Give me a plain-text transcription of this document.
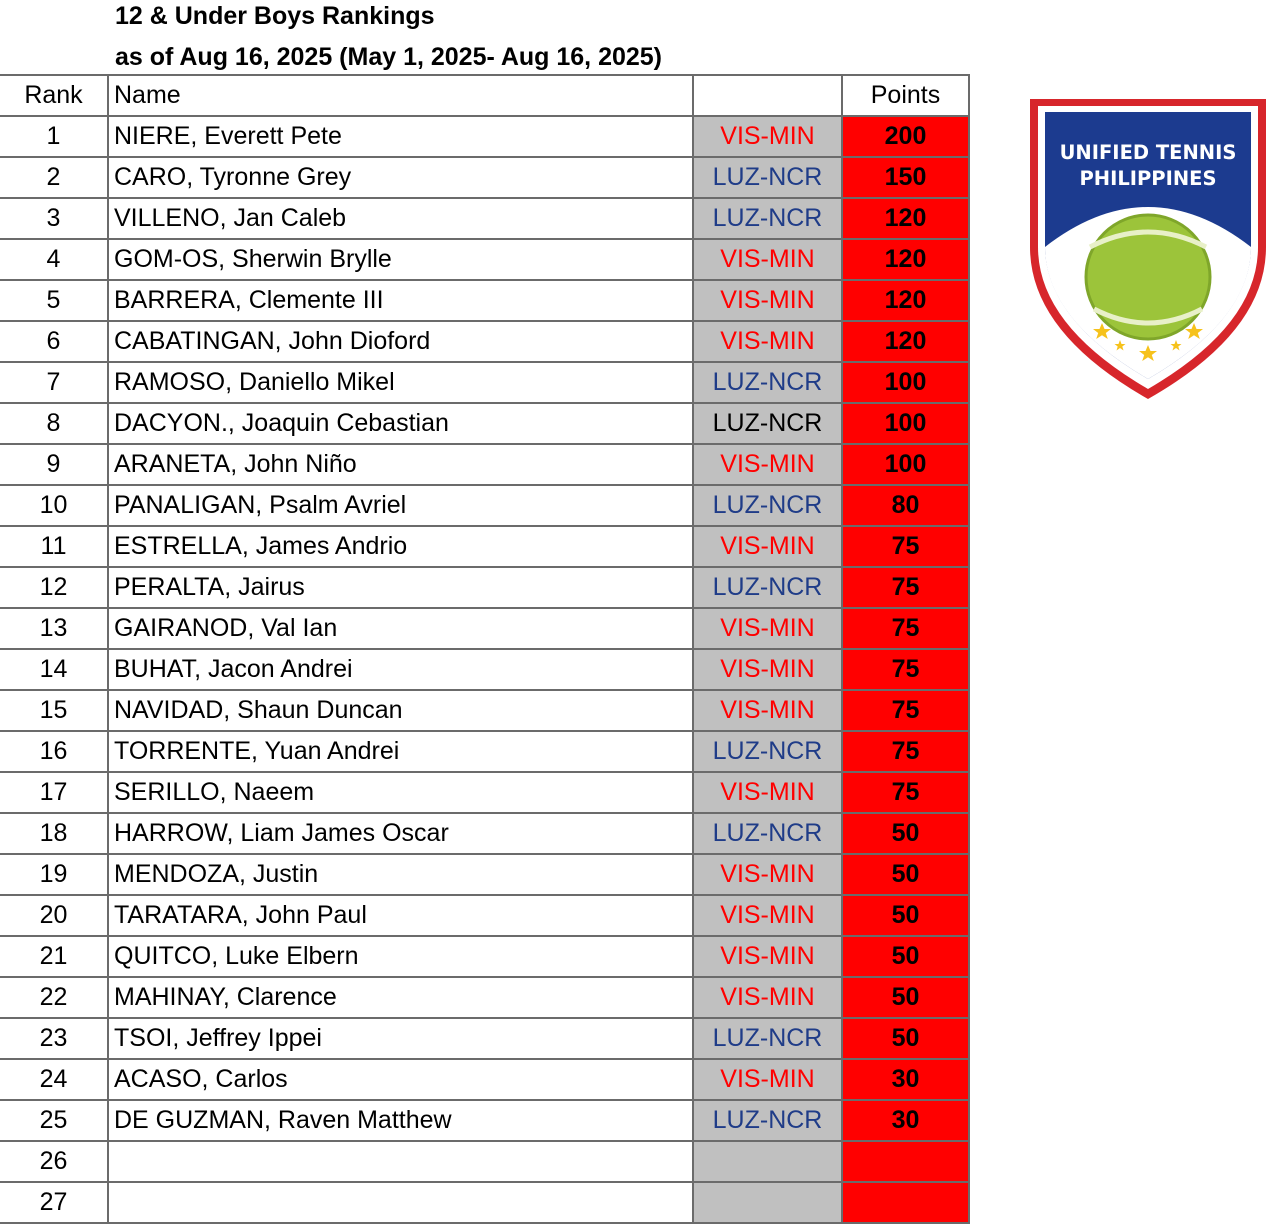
12 & Under Boys Rankings
as of Aug 16, 2025 (May 1, 2025- Aug 16, 2025)
Rank	Name		Points
1	NIERE, Everett Pete	VIS-MIN	200
2	CARO, Tyronne Grey	LUZ-NCR	150
3	VILLENO, Jan Caleb	LUZ-NCR	120
4	GOM-OS, Sherwin Brylle	VIS-MIN	120
5	BARRERA, Clemente III	VIS-MIN	120
6	CABATINGAN, John Dioford	VIS-MIN	120
7	RAMOSO, Daniello Mikel	LUZ-NCR	100
8	DACYON., Joaquin Cebastian	LUZ-NCR	100
9	ARANETA, John Niño	VIS-MIN	100
10	PANALIGAN, Psalm Avriel	LUZ-NCR	80
11	ESTRELLA, James Andrio	VIS-MIN	75
12	PERALTA, Jairus	LUZ-NCR	75
13	GAIRANOD, Val Ian	VIS-MIN	75
14	BUHAT, Jacon Andrei	VIS-MIN	75
15	NAVIDAD, Shaun Duncan	VIS-MIN	75
16	TORRENTE, Yuan Andrei	LUZ-NCR	75
17	SERILLO, Naeem	VIS-MIN	75
18	HARROW, Liam James Oscar	LUZ-NCR	50
19	MENDOZA, Justin	VIS-MIN	50
20	TARATARA, John Paul	VIS-MIN	50
21	QUITCO, Luke Elbern	VIS-MIN	50
22	MAHINAY, Clarence	VIS-MIN	50
23	TSOI, Jeffrey Ippei	LUZ-NCR	50
24	ACASO, Carlos	VIS-MIN	30
25	DE GUZMAN, Raven Matthew	LUZ-NCR	30
26			
27			
UNIFIED TENNIS
PHILIPPINES
